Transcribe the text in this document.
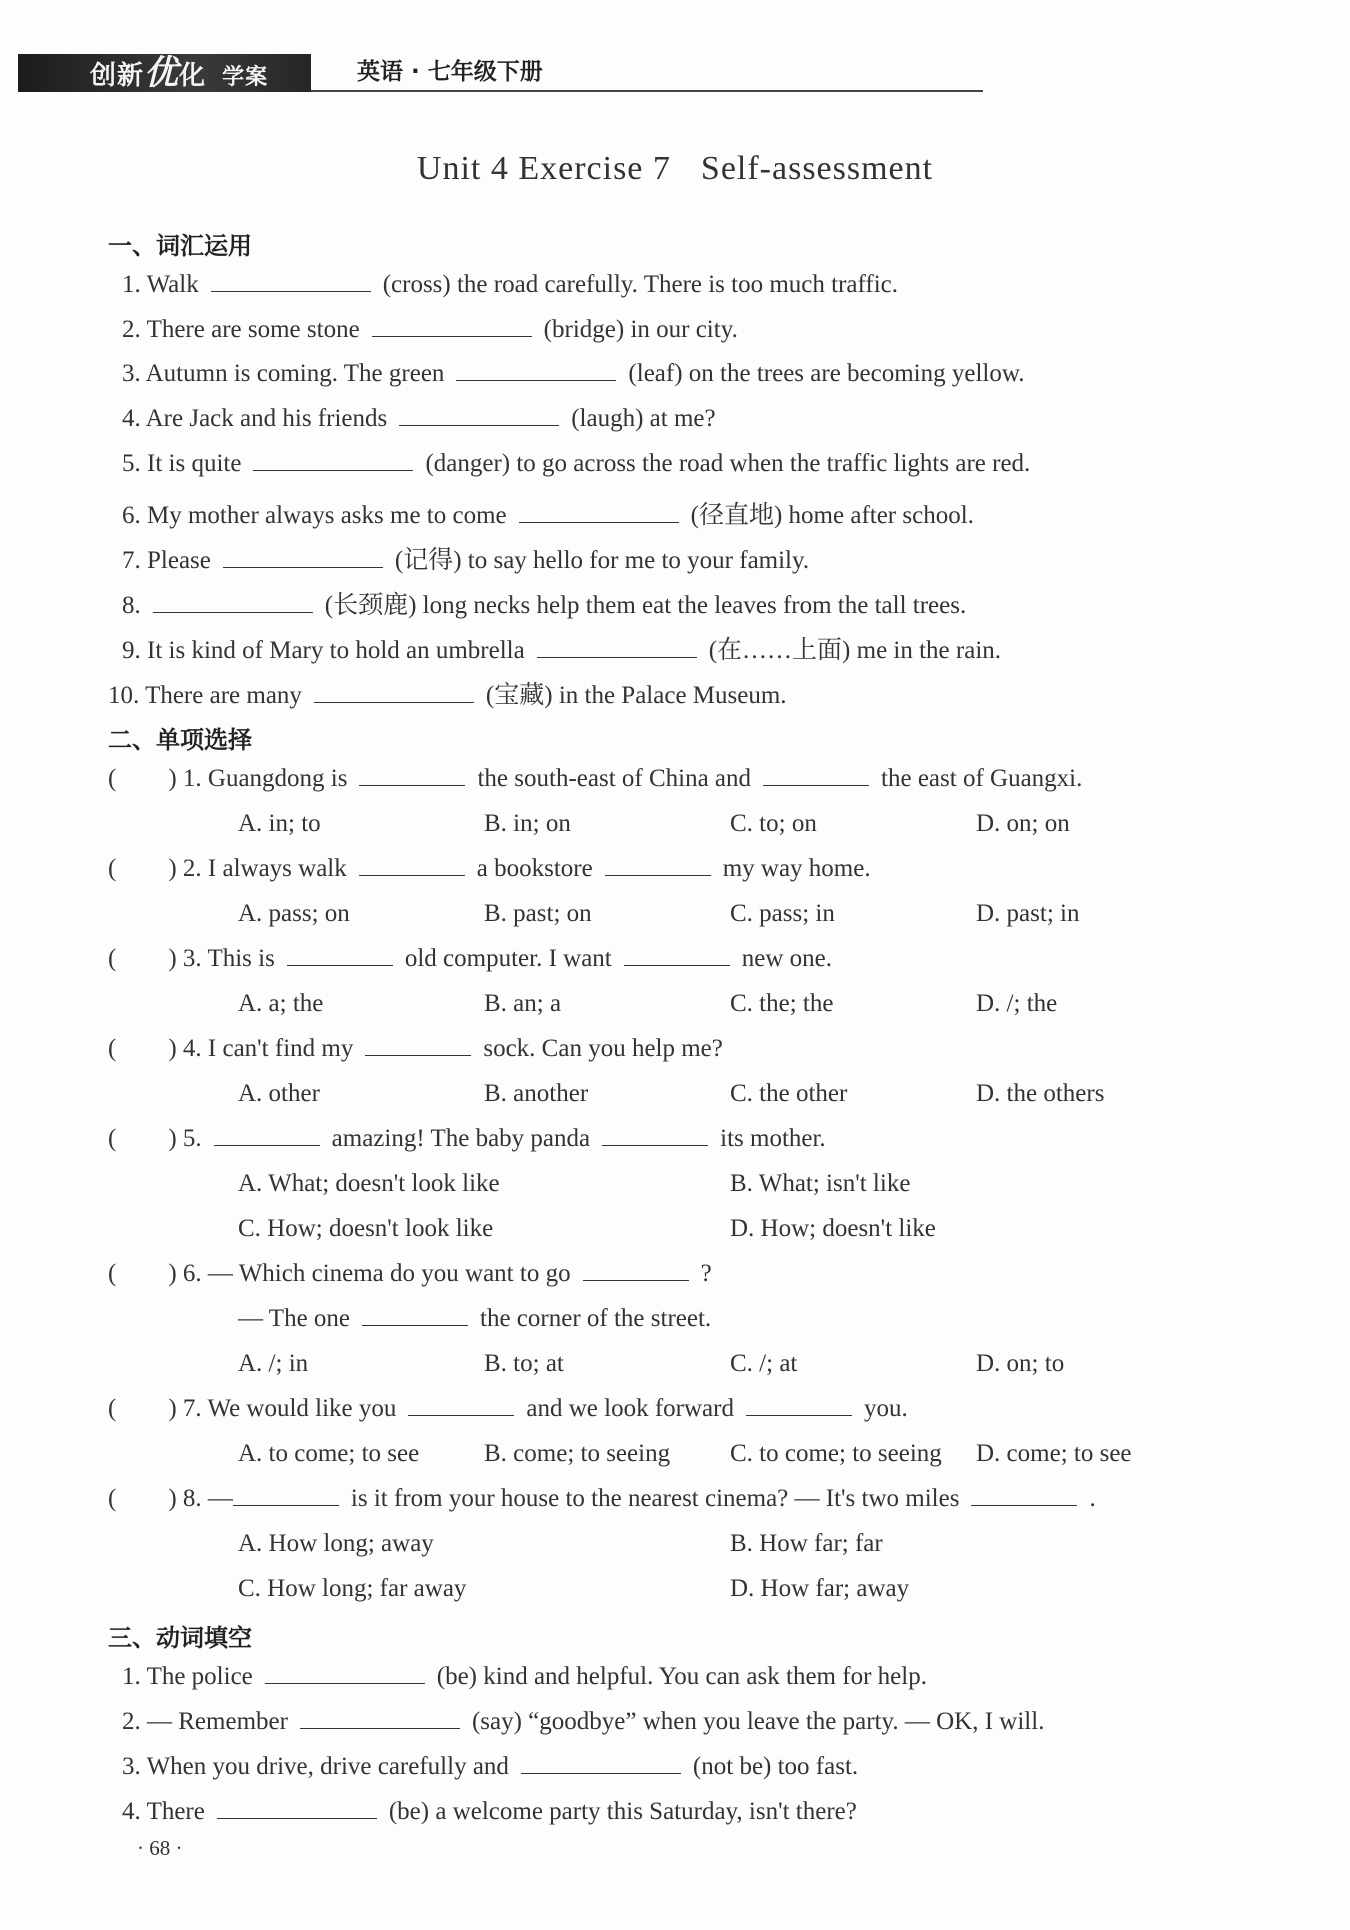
创新优化 学案	英语 · 七年级下册
Unit 4 Exercise 7 Self-assessment
一、词汇运用
1. Walk	(cross) the road carefully. There is too much traffic.
2. There are some stone	(bridge) in our city.
3. Autumn is coming. The green	(leaf) on the trees are becoming yellow.
4. Are Jack and his friends	(laugh) at me?
5. It is quite	(danger) to go across the road when the traffic lights are red.
6. My mother always asks me to come	(径直地) home after school.
7. Please	(记得) to say hello for me to your family.
8.	(长颈鹿) long necks help them eat the leaves from the tall trees.
9. It is kind of Mary to hold an umbrella	(在……上面) me in the rain.
10. There are many	(宝藏) in the Palace Museum.
二、单项选择
( ) 1. Guangdong is	the south-east of China and	the east of Guangxi.
A. in; to	B. in; on	C. to; on	D. on; on
( ) 2. I always walk	a bookstore	my way home.
A. pass; on	B. past; on	C. pass; in	D. past; in
( ) 3. This is	old computer. I want	new one.
A. a; the	B. an; a	C. the; the	D. /; the
( ) 4. I can't find my	sock. Can you help me?
A. other	B. another	C. the other	D. the others
( ) 5.	amazing! The baby panda	its mother.
A. What; doesn't look like	B. What; isn't like
C. How; doesn't look like	D. How; doesn't like
( ) 6. — Which cinema do you want to go	?
— The one	the corner of the street.
A. /; in	B. to; at	C. /; at	D. on; to
( ) 7. We would like you	and we look forward	you.
A. to come; to see	B. come; to seeing C. to come; to seeing D. come; to see
( ) 8. —	is it from your house to the nearest cinema? — It's two miles	.
A. How long; away	B. How far; far
C. How long; far away	D. How far; away
三、动词填空
1. The police	(be) kind and helpful. You can ask them for help.
2. — Remember	(say) “goodbye” when you leave the party. — OK, I will.
3. When you drive, drive carefully and	(not be) too fast.
4. There	(be) a welcome party this Saturday, isn't there?
· 68 ·
